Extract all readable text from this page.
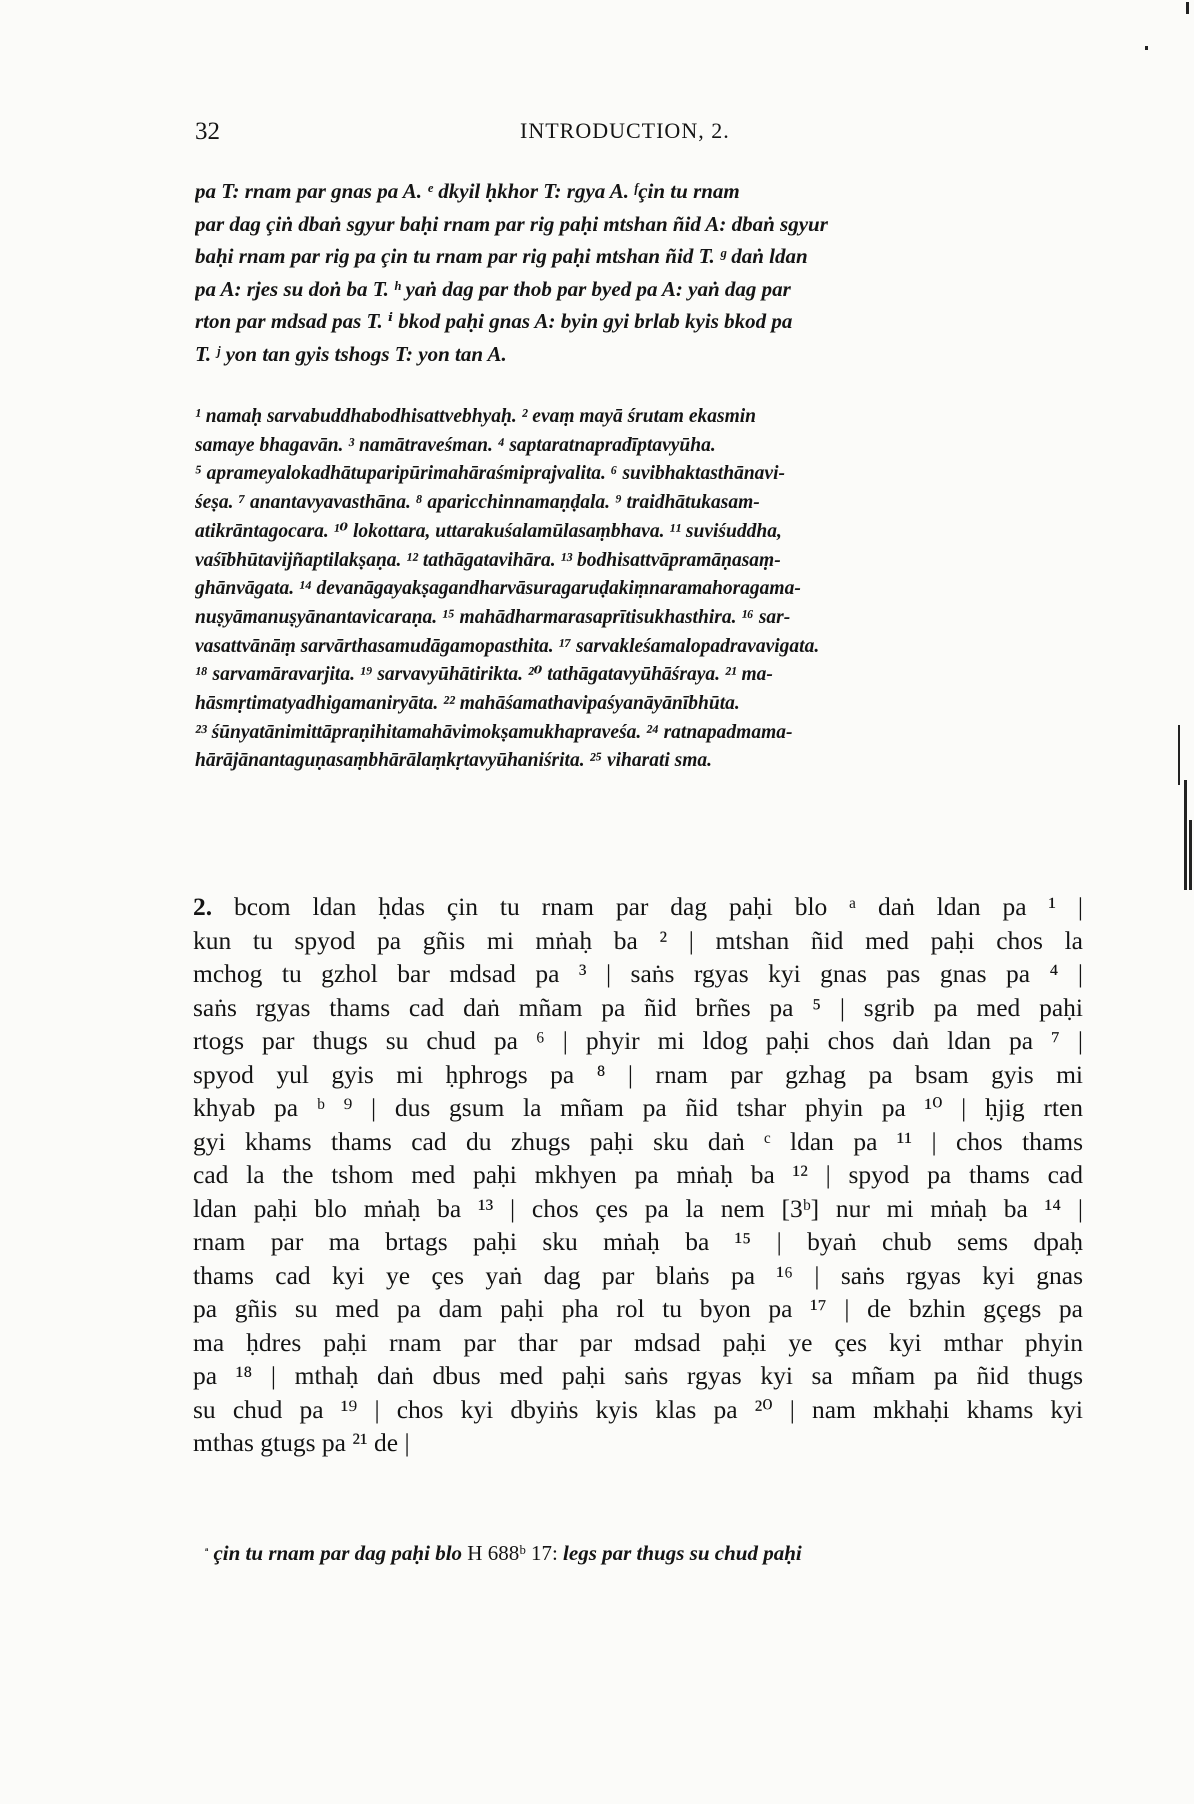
32	INTRODUCTION, 2.
pa T: rnam par gnas pa A. ᵉ dkyil ḥkhor T: rgya A. ᶠçin tu rnam
par dag çiṅ dbaṅ sgyur baḥi rnam par rig paḥi mtshan ñid A: dbaṅ sgyur
baḥi rnam par rig pa çin tu rnam par rig paḥi mtshan ñid T. ᵍ daṅ ldan
pa A: rjes su doṅ ba T. ʰ yaṅ dag par thob par byed pa A: yaṅ dag par
rton par mdsad pas T. ⁱ bkod paḥi gnas A: byin gyi brlab kyis bkod pa
T. ʲ yon tan gyis tshogs T: yon tan A.
¹ namaḥ sarvabuddhabodhisattvebhyaḥ. ² evaṃ mayā śrutam ekasmin
samaye bhagavān. ³ namātraveśman. ⁴ saptaratnapradīptavyūha.
⁵ aprameyalokadhātuparipūrimahāraśmiprajvalita. ⁶ suvibhaktasthānavi-
śeṣa. ⁷ anantavyavasthāna. ⁸ aparicchinnamaṇḍala. ⁹ traidhātukasam-
atikrāntagocara. ¹⁰ lokottara, uttarakuśalamūlasaṃbhava. ¹¹ suviśuddha,
vaśībhūtavijñaptilakṣaṇa. ¹² tathāgatavihāra. ¹³ bodhisattvāpramāṇasaṃ-
ghānvāgata. ¹⁴ devanāgayakṣagandharvāsuragaruḍakiṃnaramahoragama-
nuṣyāmanuṣyānantavicaraṇa. ¹⁵ mahādharmarasaprītisukhasthira. ¹⁶ sar-
vasattvānāṃ sarvārthasamudāgamopasthita. ¹⁷ sarvakleśamalopadravavigata.
¹⁸ sarvamāravarjita. ¹⁹ sarvavyūhātirikta. ²⁰ tathāgatavyūhāśraya. ²¹ ma-
hāsmṛtimatyadhigamaniryāta. ²² mahāśamathavipaśyanāyānībhūta.
²³ śūnyatānimittāpraṇihitamahāvimokṣamukhapraveśa. ²⁴ ratnapadmama-
hārājānantaguṇasaṃbhārālaṃkṛtavyūhaniśrita. ²⁵ viharati sma.
2. bcom ldan ḥdas çin tu rnam par dag paḥi blo ᵃ daṅ ldan pa ¹ |
kun tu spyod pa gñis mi mṅaḥ ba ² | mtshan ñid med paḥi chos la
mchog tu gzhol bar mdsad pa ³ | saṅs rgyas kyi gnas pas gnas pa ⁴ |
saṅs rgyas thams cad daṅ mñam pa ñid brñes pa ⁵ | sgrib pa med paḥi
rtogs par thugs su chud pa ⁶ | phyir mi ldog paḥi chos daṅ ldan pa ⁷ |
spyod yul gyis mi ḥphrogs pa ⁸ | rnam par gzhag pa bsam gyis mi
khyab pa ᵇ ⁹ | dus gsum la mñam pa ñid tshar phyin pa ¹⁰ | ḥjig rten
gyi khams thams cad du zhugs paḥi sku daṅ ᶜ ldan pa ¹¹ | chos thams
cad la the tshom med paḥi mkhyen pa mṅaḥ ba ¹² | spyod pa thams cad
ldan paḥi blo mṅaḥ ba ¹³ | chos çes pa la nem [3ᵇ] nur mi mṅaḥ ba ¹⁴ |
rnam par ma brtags paḥi sku mṅaḥ ba ¹⁵ | byaṅ chub sems dpaḥ
thams cad kyi ye çes yaṅ dag par blaṅs pa ¹⁶ | saṅs rgyas kyi gnas
pa gñis su med pa dam paḥi pha rol tu byon pa ¹⁷ | de bzhin gçegs pa
ma ḥdres paḥi rnam par thar par mdsad paḥi ye çes kyi mthar phyin
pa ¹⁸ | mthaḥ daṅ dbus med paḥi saṅs rgyas kyi sa mñam pa ñid thugs
su chud pa ¹⁹ | chos kyi dbyiṅs kyis klas pa ²⁰ | nam mkhaḥi khams kyi
mthas gtugs pa ²¹ de |
$^ᵃ$ çin tu rnam par dag paḥi blo H 688ᵇ 17: legs par thugs su chud paḥi
